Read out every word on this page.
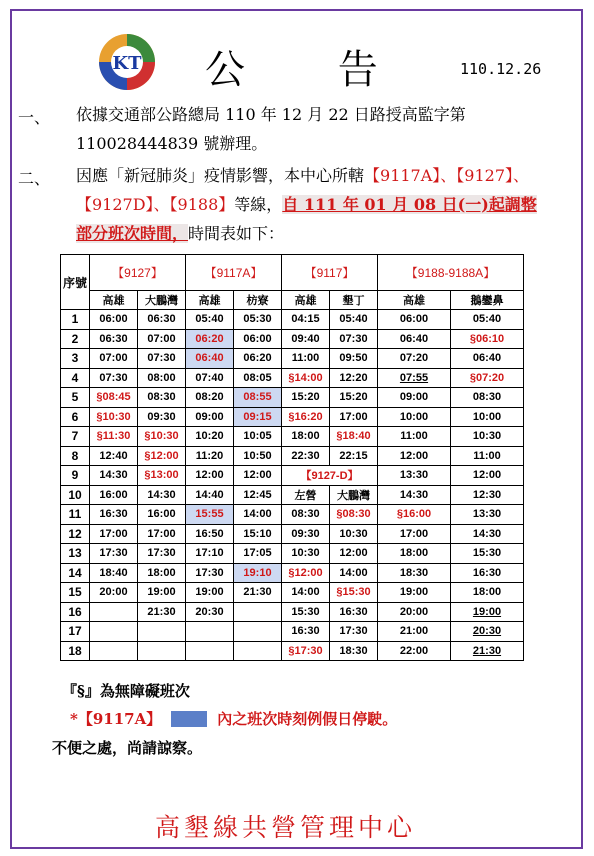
KT 公 告	110.12.26
一、 依據交通部公路總局 110 年 12 月 22 日路授高監字第
110028444839 號辦理。
二、 因應「新冠肺炎」疫情影響，本中心所轄【9117A】、【9127】、
【9127D】、【9188】等線，自 111 年 01 月 08 日(一)起調整
部分班次時間，時間表如下：
序號	【9127】		【9117A】		【9117】		【9188-9188A】	
	高雄	大鵬灣	高雄	枋寮	高雄	墾丁	高雄	鵝鑾鼻
1	06:00	06:30	05:40	05:30	04:15	05:40	06:00	05:40
2	06:30	07:00	06:20	06:00	09:40	07:30	06:40	§06:10
3	07:00	07:30	06:40	06:20	11:00	09:50	07:20	06:40
4	07:30	08:00	07:40	08:05	§14:00	12:20	07:55	§07:20
5	§08:45	08:30	08:20	08:55	15:20	15:20	09:00	08:30
6	§10:30	09:30	09:00	09:15	§16:20	17:00	10:00	10:00
7	§11:30	§10:30	10:20	10:05	18:00	§18:40	11:00	10:30
8	12:40	§12:00	11:20	10:50	22:30	22:15	12:00	11:00
9	14:30	§13:00	12:00	12:00	【9127-D】		13:30	12:00
10	16:00	14:30	14:40	12:45	左營	大鵬灣	14:30	12:30
11	16:30	16:00	15:55	14:00	08:30	§08:30	§16:00	13:30
12	17:00	17:00	16:50	15:10	09:30	10:30	17:00	14:30
13	17:30	17:30	17:10	17:05	10:30	12:00	18:00	15:30
14	18:40	18:00	17:30	19:10	§12:00	14:00	18:30	16:30
15	20:00	19:00	19:00	21:30	14:00	§15:30	19:00	18:00
16		21:30	20:30		15:30	16:30	20:00	19:00
17					16:30	17:30	21:00	20:30
18					§17:30	18:30	22:00	21:30
『§』為無障礙班次
*【9117A】	內之班次時刻例假日停駛。
不便之處，尚請諒察。
高墾線共營管理中心
